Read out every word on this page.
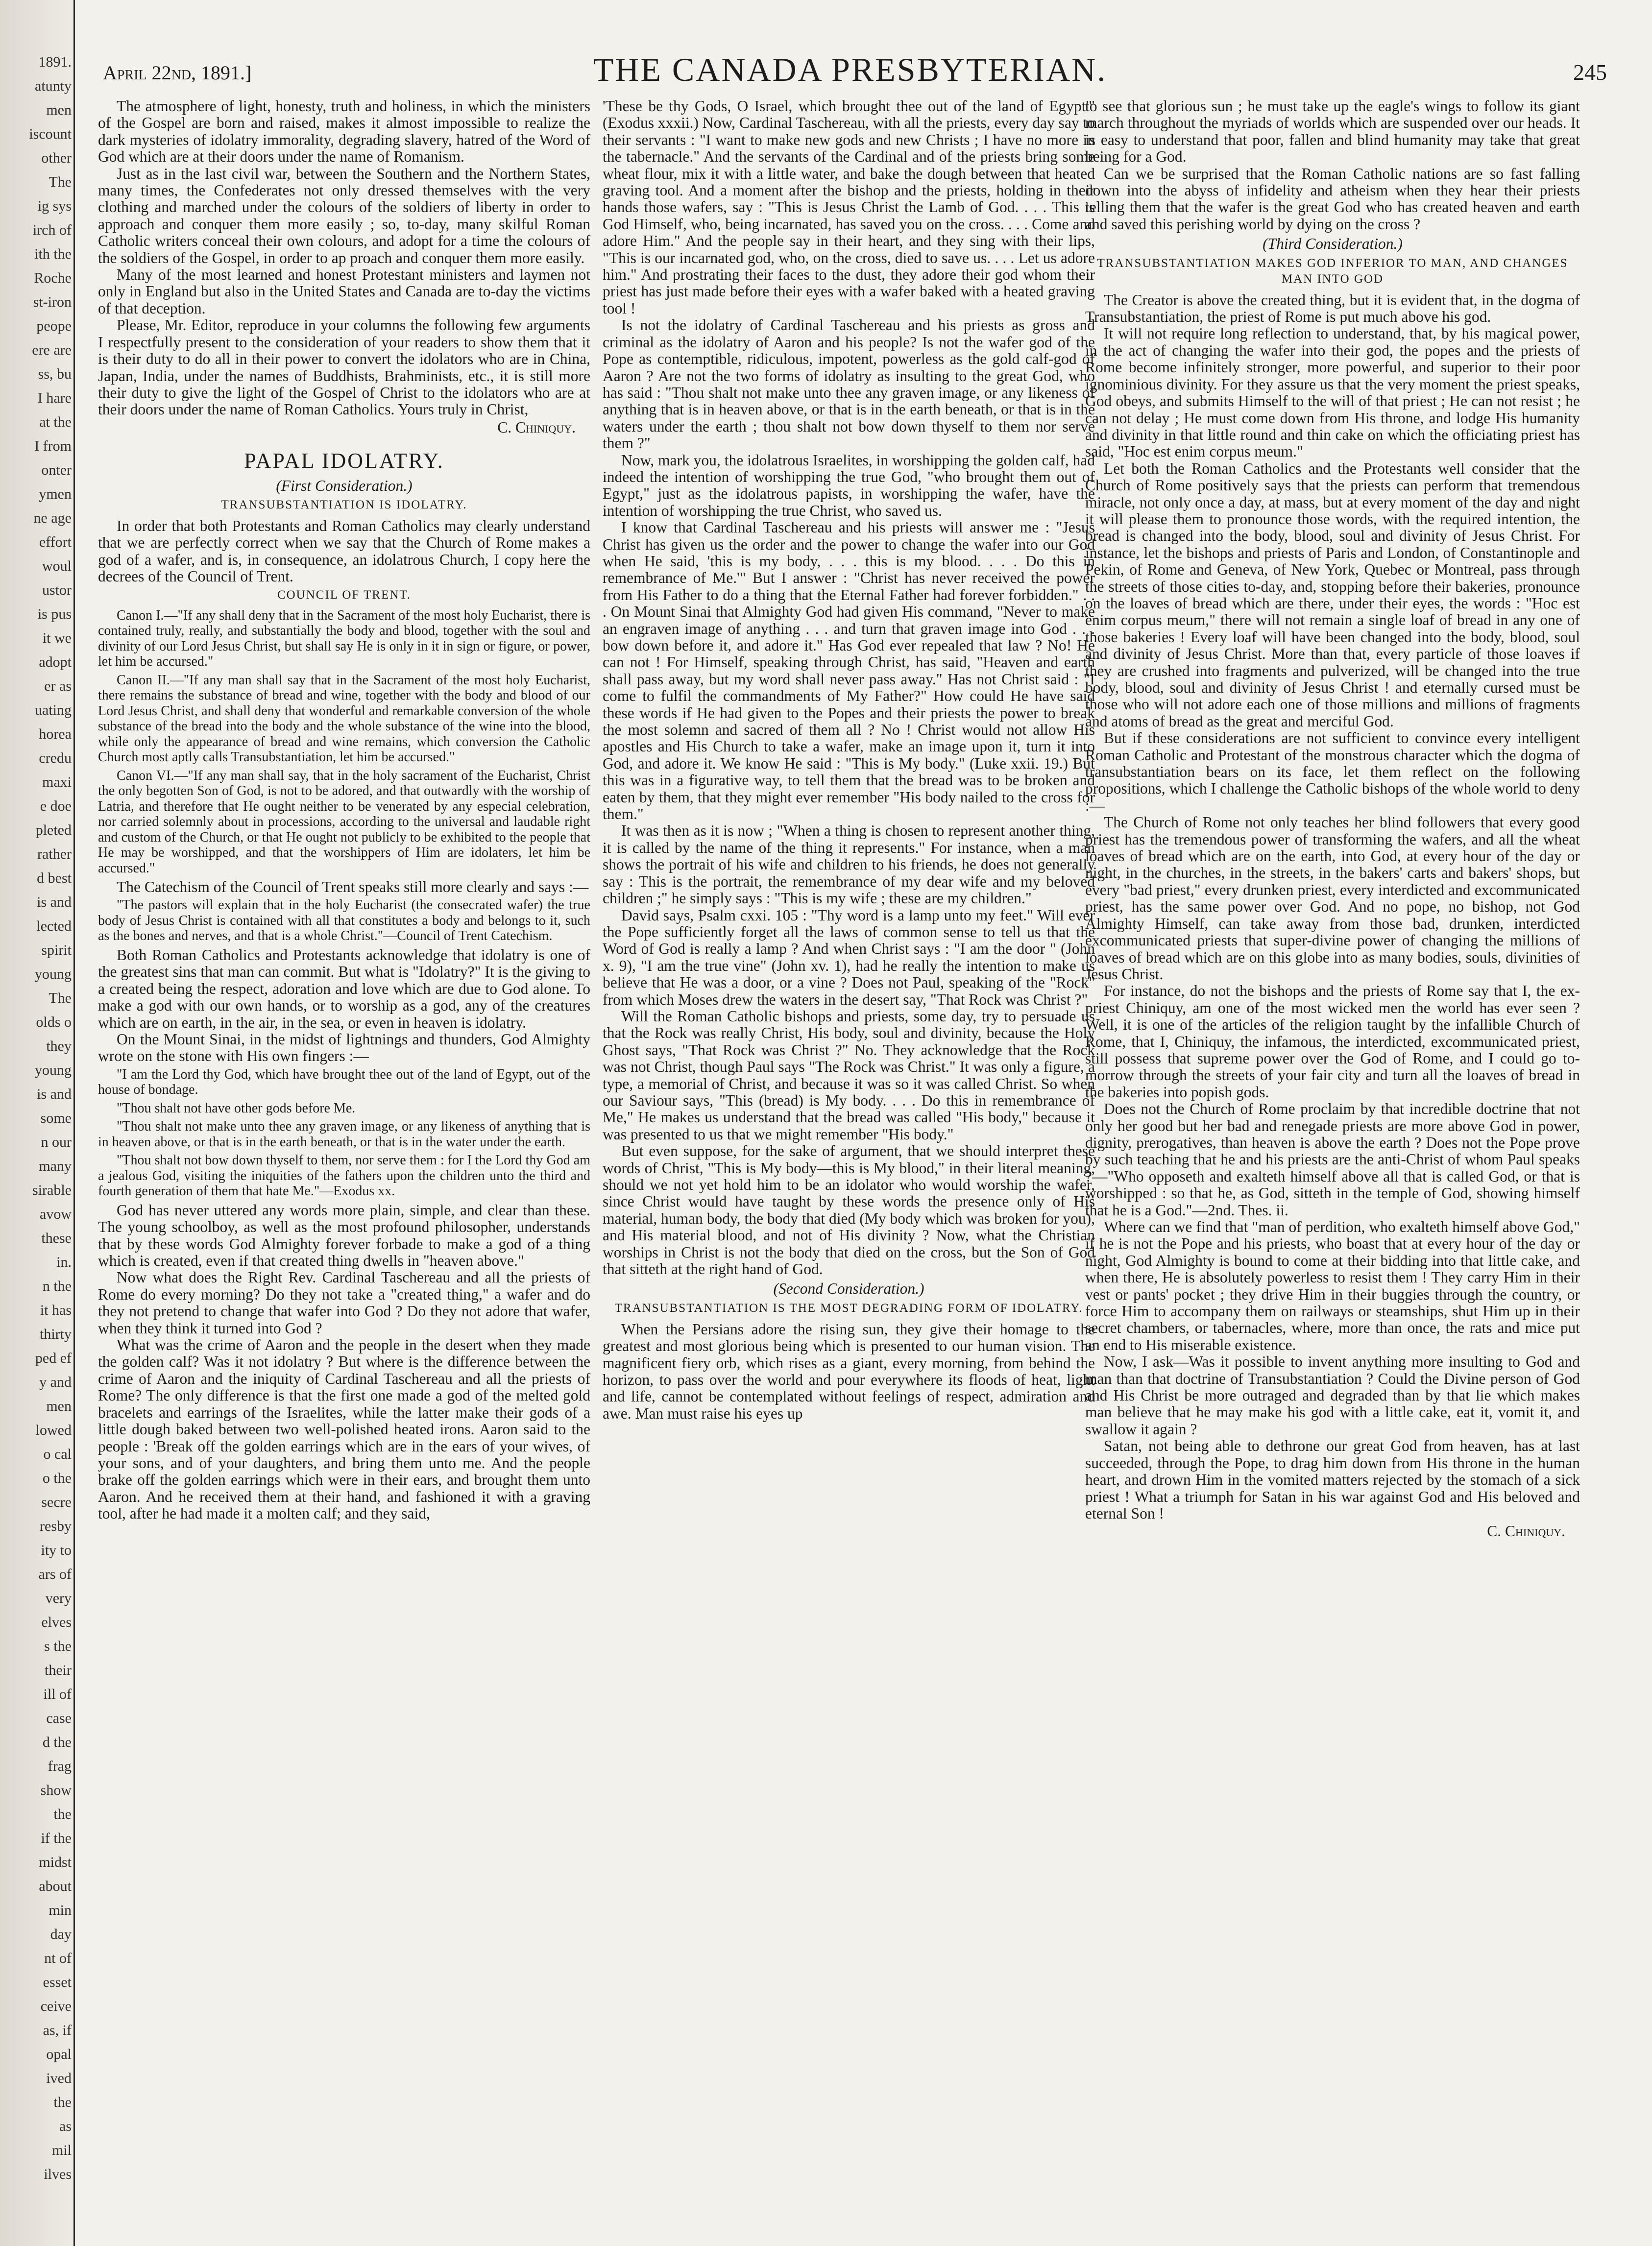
1891.
atunty
men
iscount
other
The
ig sys
irch of
ith the
Roche
st-iron
peope
ere are
ss, bu
I hare
at the
I from
onter
ymen
ne age
effort
woul
ustor
is pus
it we
adopt
er as
uating
horea
credu
maxi
e doe
pleted
rather
d best
is and
lected
spirit
young
The
olds o
they
young
is and
some
n our
many
sirable
avow
these
in.
n the
it has
thirty
ped ef
y and
men
lowed
o cal
o the
secre
resby
ity to
ars of
very
elves
s the
their
ill of
case
d the
frag
show
the
if the
midst
about
min
day
nt of
esset
ceive
as, if
opal
ived
the
as
mil
ilves
April 22nd, 1891.]	THE CANADA PRESBYTERIAN.	245

The atmosphere of light, honesty, truth and holiness, in which the ministers of the Gospel are born and raised, makes it almost impossible to realize the dark mysteries of idolatry immorality, degrading slavery, hatred of the Word of God which are at their doors under the name of Romanism.

Just as in the last civil war, between the Southern and the Northern States, many times, the Confederates not only dressed themselves with the very clothing and marched under the colours of the soldiers of liberty in order to approach and conquer them more easily ; so, to-day, many skilful Roman Catholic writers conceal their own colours, and adopt for a time the colours of the soldiers of the Gospel, in order to ap proach and conquer them more easily.

Many of the most learned and honest Protestant ministers and laymen not only in England but also in the United States and Canada are to-day the victims of that deception.

Please, Mr. Editor, reproduce in your columns the following few arguments I respectfully present to the consideration of your readers to show them that it is their duty to do all in their power to convert the idolators who are in China, Japan, India, under the names of Buddhists, Brahminists, etc., it is still more their duty to give the light of the Gospel of Christ to the idolators who are at their doors under the name of Roman Catholics. Yours truly in Christ,

C. Chiniquy.
PAPAL IDOLATRY.
(First Consideration.)
TRANSUBSTANTIATION IS IDOLATRY.

In order that both Protestants and Roman Catholics may clearly understand that we are perfectly correct when we say that the Church of Rome makes a god of a wafer, and is, in consequence, an idolatrous Church, I copy here the decrees of the Council of Trent.

COUNCIL OF TRENT.

Canon I.—"If any shall deny that in the Sacrament of the most holy Eucharist, there is contained truly, really, and substantially the body and blood, together with the soul and divinity of our Lord Jesus Christ, but shall say He is only in it in sign or figure, or power, let him be accursed."

Canon II.—"If any man shall say that in the Sacrament of the most holy Eucharist, there remains the substance of bread and wine, together with the body and blood of our Lord Jesus Christ, and shall deny that wonderful and remarkable conversion of the whole substance of the bread into the body and the whole substance of the wine into the blood, while only the appearance of bread and wine remains, which conversion the Catholic Church most aptly calls Transubstantiation, let him be accursed."

Canon VI.—"If any man shall say, that in the holy sacrament of the Eucharist, Christ the only begotten Son of God, is not to be adored, and that outwardly with the worship of Latria, and therefore that He ought neither to be venerated by any especial celebration, nor carried solemnly about in processions, according to the universal and laudable right and custom of the Church, or that He ought not publicly to be exhibited to the people that He may be worshipped, and that the worshippers of Him are idolaters, let him be accursed."

The Catechism of the Council of Trent speaks still more clearly and says :—

"The pastors will explain that in the holy Eucharist (the consecrated wafer) the true body of Jesus Christ is contained with all that constitutes a body and belongs to it, such as the bones and nerves, and that is a whole Christ."—Council of Trent Catechism.

Both Roman Catholics and Protestants acknowledge that idolatry is one of the greatest sins that man can commit. But what is "Idolatry?" It is the giving to a created being the respect, adoration and love which are due to God alone. To make a god with our own hands, or to worship as a god, any of the creatures which are on earth, in the air, in the sea, or even in heaven is idolatry.

On the Mount Sinai, in the midst of lightnings and thunders, God Almighty wrote on the stone with His own fingers :—

"I am the Lord thy God, which have brought thee out of the land of Egypt, out of the house of bondage.

"Thou shalt not have other gods before Me.

"Thou shalt not make unto thee any graven image, or any likeness of anything that is in heaven above, or that is in the earth beneath, or that is in the water under the earth.

"Thou shalt not bow down thyself to them, nor serve them : for I the Lord thy God am a jealous God, visiting the iniquities of the fathers upon the children unto the third and fourth generation of them that hate Me."—Exodus xx.

God has never uttered any words more plain, simple, and clear than these. The young schoolboy, as well as the most profound philosopher, understands that by these words God Almighty forever forbade to make a god of a thing which is created, even if that created thing dwells in "heaven above."

Now what does the Right Rev. Cardinal Taschereau and all the priests of Rome do every morning? Do they not take a "created thing," a wafer and do they not pretend to change that wafer into God ? Do they not adore that wafer, when they think it turned into God ?

What was the crime of Aaron and the people in the desert when they made the golden calf? Was it not idolatry ? But where is the difference between the crime of Aaron and the iniquity of Cardinal Taschereau and all the priests of Rome? The only difference is that the first one made a god of the melted gold bracelets and earrings of the Israelites, while the latter make their gods of a little dough baked between two well-polished heated irons. Aaron said to the people : 'Break off the golden earrings which are in the ears of your wives, of your sons, and of your daughters, and bring them unto me. And the people brake off the golden earrings which were in their ears, and brought them unto Aaron. And he received them at their hand, and fashioned it with a graving tool, after he had made it a molten calf; and they said,

'These be thy Gods, O Israel, which brought thee out of the land of Egypt'" (Exodus xxxii.) Now, Cardinal Taschereau, with all the priests, every day say to their servants : "I want to make new gods and new Christs ; I have no more in the tabernacle." And the servants of the Cardinal and of the priests bring some wheat flour, mix it with a little water, and bake the dough between that heated graving tool. And a moment after the bishop and the priests, holding in their hands those wafers, say : "This is Jesus Christ the Lamb of God. . . . This is God Himself, who, being incarnated, has saved you on the cross. . . . Come and adore Him." And the people say in their heart, and they sing with their lips, "This is our incarnated god, who, on the cross, died to save us. . . . Let us adore him." And prostrating their faces to the dust, they adore their god whom their priest has just made before their eyes with a wafer baked with a heated graving tool !

Is not the idolatry of Cardinal Taschereau and his priests as gross and criminal as the idolatry of Aaron and his people? Is not the wafer god of the Pope as contemptible, ridiculous, impotent, powerless as the gold calf-god of Aaron ? Are not the two forms of idolatry as insulting to the great God, who has said : "Thou shalt not make unto thee any graven image, or any likeness of anything that is in heaven above, or that is in the earth beneath, or that is in the waters under the earth ; thou shalt not bow down thyself to them nor serve them ?"

Now, mark you, the idolatrous Israelites, in worshipping the golden calf, had indeed the intention of worshipping the true God, "who brought them out of Egypt," just as the idolatrous papists, in worshipping the wafer, have the intention of worshipping the true Christ, who saved us.

I know that Cardinal Taschereau and his priests will answer me : "Jesus Christ has given us the order and the power to change the wafer into our God when He said, 'this is my body, . . . this is my blood. . . . Do this in remembrance of Me.'" But I answer : "Christ has never received the power from His Father to do a thing that the Eternal Father had forever forbidden." . . . On Mount Sinai that Almighty God had given His command, "Never to make an engraven image of anything . . . and turn that graven image into God . . . bow down before it, and adore it." Has God ever repealed that law ? No! He can not ! For Himself, speaking through Christ, has said, "Heaven and earth shall pass away, but my word shall never pass away." Has not Christ said : "I come to fulfil the commandments of My Father?" How could He have said these words if He had given to the Popes and their priests the power to break the most solemn and sacred of them all ? No ! Christ would not allow His apostles and His Church to take a wafer, make an image upon it, turn it into God, and adore it. We know He said : "This is My body." (Luke xxii. 19.) But this was in a figurative way, to tell them that the bread was to be broken and eaten by them, that they might ever remember "His body nailed to the cross for them."

It was then as it is now ; "When a thing is chosen to represent another thing, it is called by the name of the thing it represents." For instance, when a man shows the portrait of his wife and children to his friends, he does not generally say : This is the portrait, the remembrance of my dear wife and my beloved children ;" he simply says : "This is my wife ; these are my children."

David says, Psalm cxxi. 105 : "Thy word is a lamp unto my feet." Will ever the Pope sufficiently forget all the laws of common sense to tell us that the Word of God is really a lamp ? And when Christ says : "I am the door " (John x. 9), "I am the true vine" (John xv. 1), had he really the intention to make us believe that He was a door, or a vine ? Does not Paul, speaking of the "Rock" from which Moses drew the waters in the desert say, "That Rock was Christ ?"

Will the Roman Catholic bishops and priests, some day, try to persuade us that the Rock was really Christ, His body, soul and divinity, because the Holy Ghost says, "That Rock was Christ ?" No. They acknowledge that the Rock was not Christ, though Paul says "The Rock was Christ." It was only a figure, a type, a memorial of Christ, and because it was so it was called Christ. So when our Saviour says, "This (bread) is My body. . . . Do this in remembrance of Me," He makes us understand that the bread was called "His body," because it was presented to us that we might remember "His body."

But even suppose, for the sake of argument, that we should interpret these words of Christ, "This is My body—this is My blood," in their literal meaning, should we not yet hold him to be an idolator who would worship the wafer, since Christ would have taught by these words the presence only of His material, human body, the body that died (My body which was broken for you), and His material blood, and not of His divinity ? Now, what the Christian worships in Christ is not the body that died on the cross, but the Son of God that sitteth at the right hand of God.

(Second Consideration.)
TRANSUBSTANTIATION IS THE MOST DEGRADING FORM OF IDOLATRY.

When the Persians adore the rising sun, they give their homage to the greatest and most glorious being which is presented to our human vision. The magnificent fiery orb, which rises as a giant, every morning, from behind the horizon, to pass over the world and pour everywhere its floods of heat, light and life, cannot be contemplated without feelings of respect, admiration and awe. Man must raise his eyes up

to see that glorious sun ; he must take up the eagle's wings to follow its giant march throughout the myriads of worlds which are suspended over our heads. It is easy to understand that poor, fallen and blind humanity may take that great being for a God.

Can we be surprised that the Roman Catholic nations are so fast falling down into the abyss of infidelity and atheism when they hear their priests telling them that the wafer is the great God who has created heaven and earth and saved this perishing world by dying on the cross ?

(Third Consideration.)
TRANSUBSTANTIATION MAKES GOD INFERIOR TO MAN, AND CHANGES MAN INTO GOD

The Creator is above the created thing, but it is evident that, in the dogma of Transubstantiation, the priest of Rome is put much above his god.

It will not require long reflection to understand, that, by his magical power, in the act of changing the wafer into their god, the popes and the priests of Rome become infinitely stronger, more powerful, and superior to their poor ignominious divinity. For they assure us that the very moment the priest speaks, God obeys, and submits Himself to the will of that priest ; He can not resist ; he can not delay ; He must come down from His throne, and lodge His humanity and divinity in that little round and thin cake on which the officiating priest has said, "Hoc est enim corpus meum."

Let both the Roman Catholics and the Protestants well consider that the Church of Rome positively says that the priests can perform that tremendous miracle, not only once a day, at mass, but at every moment of the day and night it will please them to pronounce those words, with the required intention, the bread is changed into the body, blood, soul and divinity of Jesus Christ. For instance, let the bishops and priests of Paris and London, of Constantinople and Pekin, of Rome and Geneva, of New York, Quebec or Montreal, pass through the streets of those cities to-day, and, stopping before their bakeries, pronounce on the loaves of bread which are there, under their eyes, the words : "Hoc est enim corpus meum," there will not remain a single loaf of bread in any one of those bakeries ! Every loaf will have been changed into the body, blood, soul and divinity of Jesus Christ. More than that, every particle of those loaves if they are crushed into fragments and pulverized, will be changed into the true body, blood, soul and divinity of Jesus Christ ! and eternally cursed must be those who will not adore each one of those millions and millions of fragments and atoms of bread as the great and merciful God.

But if these considerations are not sufficient to convince every intelligent Roman Catholic and Protestant of the monstrous character which the dogma of transubstantiation bears on its face, let them reflect on the following propositions, which I challenge the Catholic bishops of the whole world to deny :—

The Church of Rome not only teaches her blind followers that every good priest has the tremendous power of transforming the wafers, and all the wheat loaves of bread which are on the earth, into God, at every hour of the day or night, in the churches, in the streets, in the bakers' carts and bakers' shops, but every "bad priest," every drunken priest, every interdicted and excommunicated priest, has the same power over God. And no pope, no bishop, not God Almighty Himself, can take away from those bad, drunken, interdicted excommunicated priests that super-divine power of changing the millions of loaves of bread which are on this globe into as many bodies, souls, divinities of Jesus Christ.

For instance, do not the bishops and the priests of Rome say that I, the ex-priest Chiniquy, am one of the most wicked men the world has ever seen ? Well, it is one of the articles of the religion taught by the infallible Church of Rome, that I, Chiniquy, the infamous, the interdicted, excommunicated priest, still possess that supreme power over the God of Rome, and I could go to-morrow through the streets of your fair city and turn all the loaves of bread in the bakeries into popish gods.

Does not the Church of Rome proclaim by that incredible doctrine that not only her good but her bad and renegade priests are more above God in power, dignity, prerogatives, than heaven is above the earth ? Does not the Pope prove by such teaching that he and his priests are the anti-Christ of whom Paul speaks ?—"Who opposeth and exalteth himself above all that is called God, or that is worshipped : so that he, as God, sitteth in the temple of God, showing himself that he is a God."—2nd. Thes. ii.

Where can we find that "man of perdition, who exalteth himself above God," if he is not the Pope and his priests, who boast that at every hour of the day or night, God Almighty is bound to come at their bidding into that little cake, and when there, He is absolutely powerless to resist them ! They carry Him in their vest or pants' pocket ; they drive Him in their buggies through the country, or force Him to accompany them on railways or steamships, shut Him up in their secret chambers, or tabernacles, where, more than once, the rats and mice put an end to His miserable existence.

Now, I ask—Was it possible to invent anything more insulting to God and man than that doctrine of Transubstantiation ? Could the Divine person of God and His Christ be more outraged and degraded than by that lie which makes man believe that he may make his god with a little cake, eat it, vomit it, and swallow it again ?

Satan, not being able to dethrone our great God from heaven, has at last succeeded, through the Pope, to drag him down from His throne in the human heart, and drown Him in the vomited matters rejected by the stomach of a sick priest ! What a triumph for Satan in his war against God and His beloved and eternal Son !

C. Chiniquy.
